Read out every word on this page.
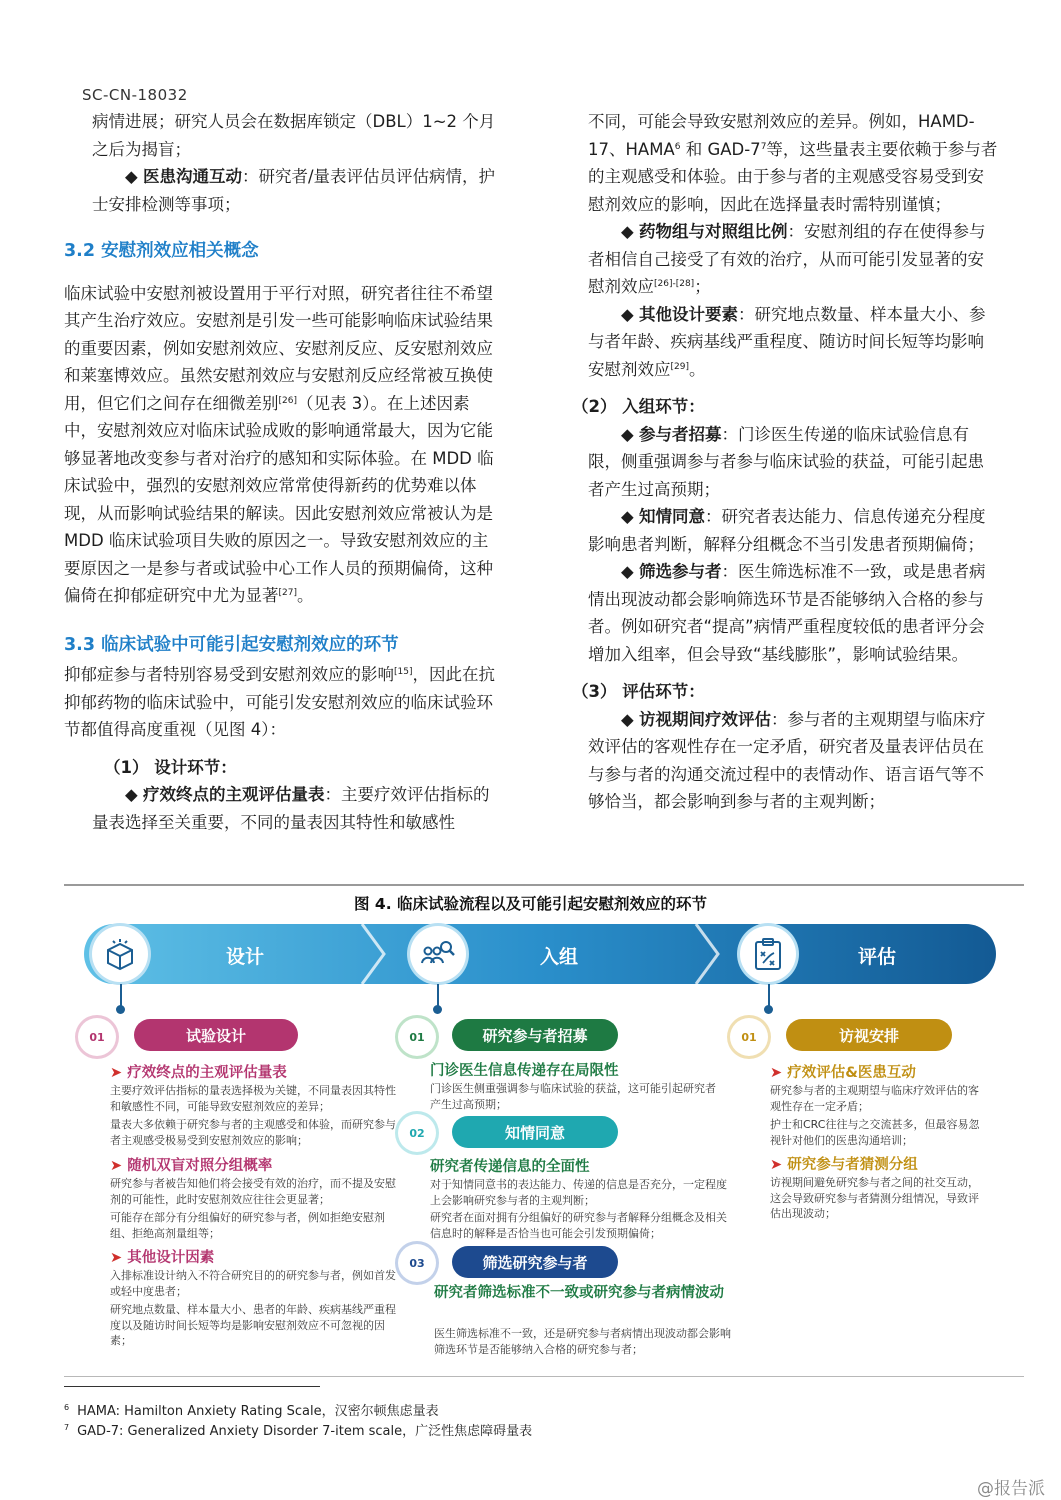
SC-CN-18032

病情进展；研究人员会在数据库锁定（DBL）1~2 个月之后为揭盲；

◆ 医患沟通互动：研究者/量表评估员评估病情，护士安排检测等事项；

3.2 安慰剂效应相关概念

临床试验中安慰剂被设置用于平行对照，研究者往往不希望其产生治疗效应。安慰剂是引发一些可能影响临床试验结果的重要因素，例如安慰剂效应、安慰剂反应、反安慰剂效应和莱塞博效应。虽然安慰剂效应与安慰剂反应经常被互换使用，但它们之间存在细微差别[26]（见表 3）。在上述因素中，安慰剂效应对临床试验成败的影响通常最大，因为它能够显著地改变参与者对治疗的感知和实际体验。在 MDD 临床试验中，强烈的安慰剂效应常常使得新药的优势难以体现，从而影响试验结果的解读。因此安慰剂效应常被认为是 MDD 临床试验项目失败的原因之一。导致安慰剂效应的主要原因之一是参与者或试验中心工作人员的预期偏倚，这种偏倚在抑郁症研究中尤为显著[27]。

3.3 临床试验中可能引起安慰剂效应的环节

抑郁症参与者特别容易受到安慰剂效应的影响[15]，因此在抗抑郁药物的临床试验中，可能引发安慰剂效应的临床试验环节都值得高度重视（见图 4）：

（1） 设计环节：

◆ 疗效终点的主观评估量表：主要疗效评估指标的量表选择至关重要，不同的量表因其特性和敏感性

不同，可能会导致安慰剂效应的差异。例如，HAMD-17、HAMA$^6$ 和 GAD-$7^7$等，这些量表主要依赖于参与者的主观感受和体验。由于参与者的主观感受容易受到安慰剂效应的影响，因此在选择量表时需特别谨慎；

◆ 药物组与对照组比例：安慰剂组的存在使得参与者相信自己接受了有效的治疗，从而可能引发显著的安慰剂效应[26]-[28]；

◆ 其他设计要素：研究地点数量、样本量大小、参与者年龄、疾病基线严重程度、随访时间长短等均影响安慰剂效应[29]。

（2） 入组环节：

◆ 参与者招募：门诊医生传递的临床试验信息有限，侧重强调参与者参与临床试验的获益，可能引起患者产生过高预期；

◆ 知情同意：研究者表达能力、信息传递充分程度影响患者判断，解释分组概念不当引发患者预期偏倚；

◆ 筛选参与者：医生筛选标准不一致，或是患者病情出现波动都会影响筛选环节是否能够纳入合格的参与者。例如研究者“提高”病情严重程度较低的患者评分会增加入组率，但会导致“基线膨胀”，影响试验结果。

（3） 评估环节：

◆ 访视期间疗效评估：参与者的主观期望与临床疗效评估的客观性存在一定矛盾，研究者及量表评估员在与参与者的沟通交流过程中的表情动作、语言语气等不够恰当，都会影响到参与者的主观判断；

图 4. 临床试验流程以及可能引起安慰剂效应的环节
设计	入组	评估
01	试验设计
➤ 疗效终点的主观评估量表
主要疗效评估指标的量表选择极为关键，不同量表因其特性和敏感性不同，可能导致安慰剂效应的差异；
量表大多依赖于研究参与者的主观感受和体验，而研究参与者主观感受极易受到安慰剂效应的影响；
➤ 随机双盲对照分组概率
研究参与者被告知他们将会接受有效的治疗，而不提及安慰剂的可能性，此时安慰剂效应往往会更显著；
可能存在部分有分组偏好的研究参与者，例如拒绝安慰剂组、拒绝高剂量组等；
➤ 其他设计因素
入排标准设计纳入不符合研究目的的研究参与者，例如首发或轻中度患者；
研究地点数量、样本量大小、患者的年龄、疾病基线严重程度以及随访时间长短等均是影响安慰剂效应不可忽视的因素；
01	研究参与者招募
门诊医生信息传递存在局限性
门诊医生侧重强调参与临床试验的获益，这可能引起研究者产生过高预期；
02	知情同意
研究者传递信息的全面性
对于知情同意书的表达能力、传递的信息是否充分，一定程度上会影响研究参与者的主观判断；
研究者在面对拥有分组偏好的研究参与者解释分组概念及相关信息时的解释是否恰当也可能会引发预期偏倚；
03	筛选研究参与者
研究者筛选标准不一致或研究参与者病情波动
医生筛选标准不一致，还是研究参与者病情出现波动都会影响筛选环节是否能够纳入合格的研究参与者；
01	访视安排
➤ 疗效评估&医患互动
研究参与者的主观期望与临床疗效评估的客观性存在一定矛盾；
护士和CRC往往与之交流甚多，但最容易忽视针对他们的医患沟通培训；
➤ 研究参与者猜测分组
访视期间避免研究参与者之间的社交互动，这会导致研究参与者猜测分组情况，导致评估出现波动；
$^6$ HAMA: Hamilton Anxiety Rating Scale，汉密尔顿焦虑量表
$^7$ GAD-7: Generalized Anxiety Disorder 7-item scale，广泛性焦虑障碍量表
@报告派
